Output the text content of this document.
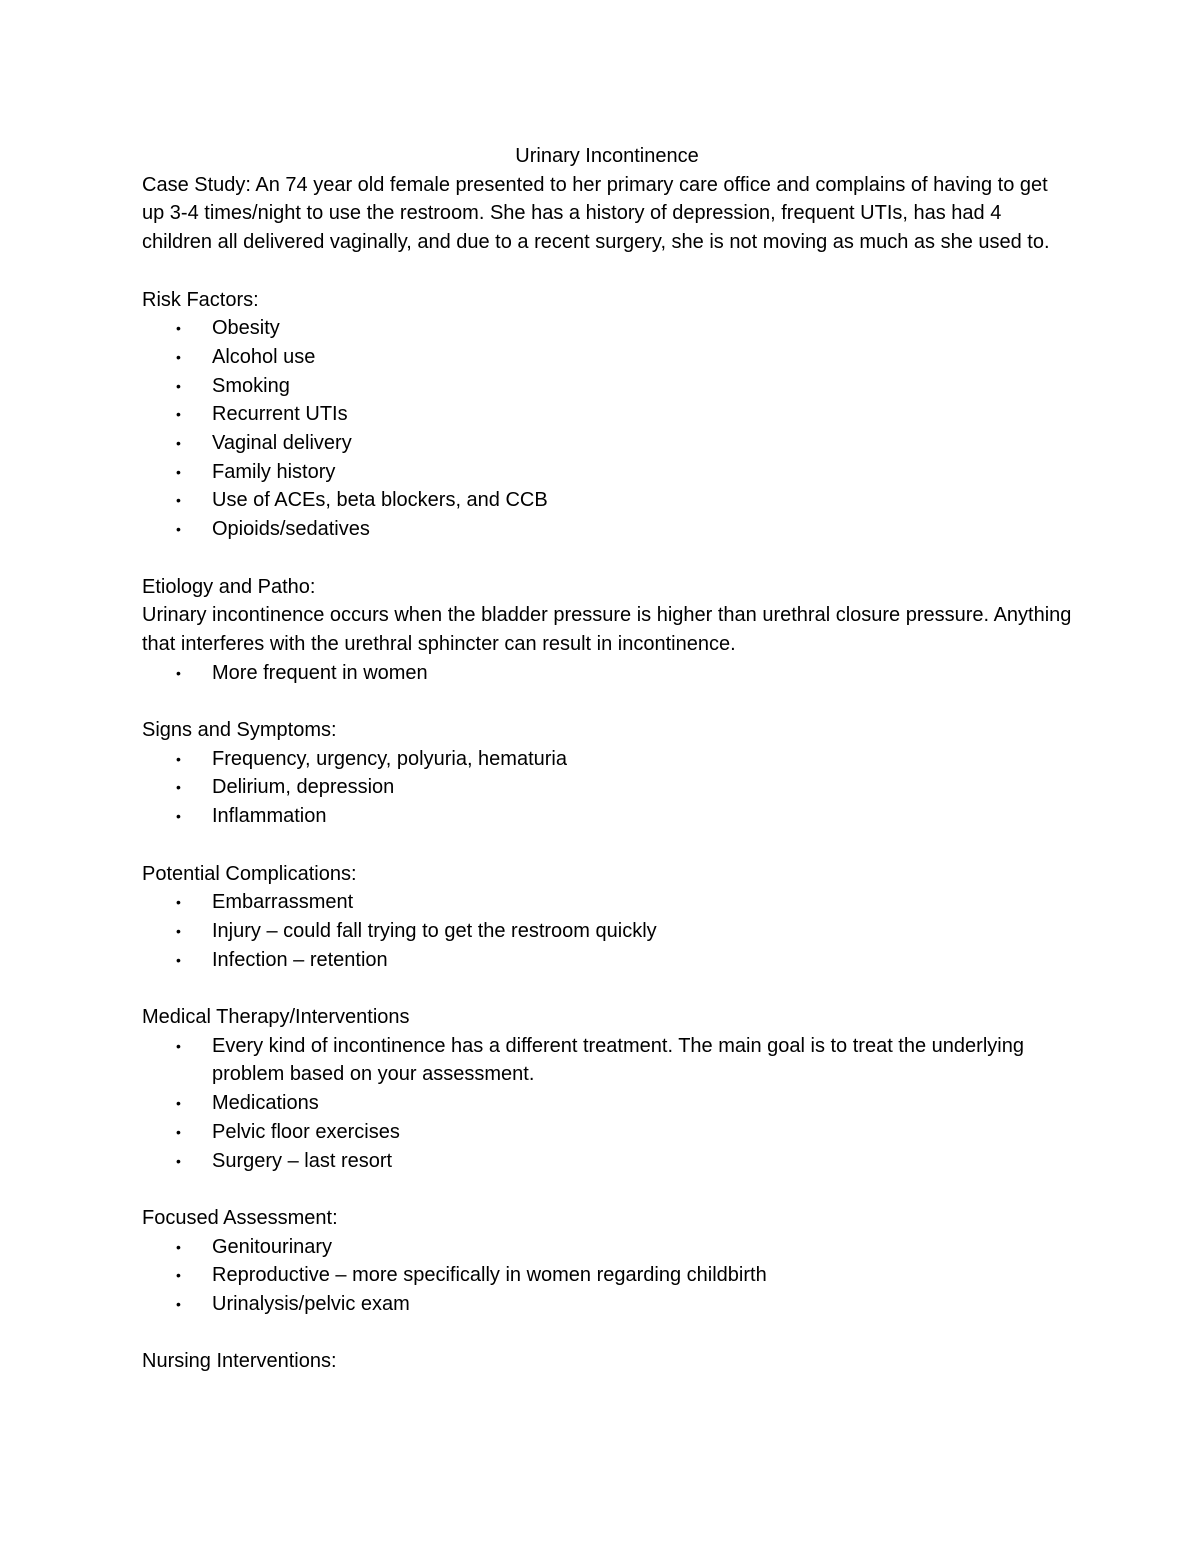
Urinary Incontinence

Case Study: An 74 year old female presented to her primary care office and complains of having to get up 3-4 times/night to use the restroom. She has a history of depression, frequent UTIs, has had 4 children all delivered vaginally, and due to a recent surgery, she is not moving as much as she used to.

Risk Factors:

• Obesity
• Alcohol use
• Smoking
• Recurrent UTIs
• Vaginal delivery
• Family history
• Use of ACEs, beta blockers, and CCB
• Opioids/sedatives

Etiology and Patho:

Urinary incontinence occurs when the bladder pressure is higher than urethral closure pressure. Anything that interferes with the urethral sphincter can result in incontinence.

• More frequent in women

Signs and Symptoms:

• Frequency, urgency, polyuria, hematuria
• Delirium, depression
• Inflammation

Potential Complications:

• Embarrassment
• Injury – could fall trying to get the restroom quickly
• Infection – retention

Medical Therapy/Interventions

• Every kind of incontinence has a different treatment. The main goal is to treat the underlying problem based on your assessment.
• Medications
• Pelvic floor exercises
• Surgery – last resort

Focused Assessment:

• Genitourinary
• Reproductive – more specifically in women regarding childbirth
• Urinalysis/pelvic exam

Nursing Interventions:
